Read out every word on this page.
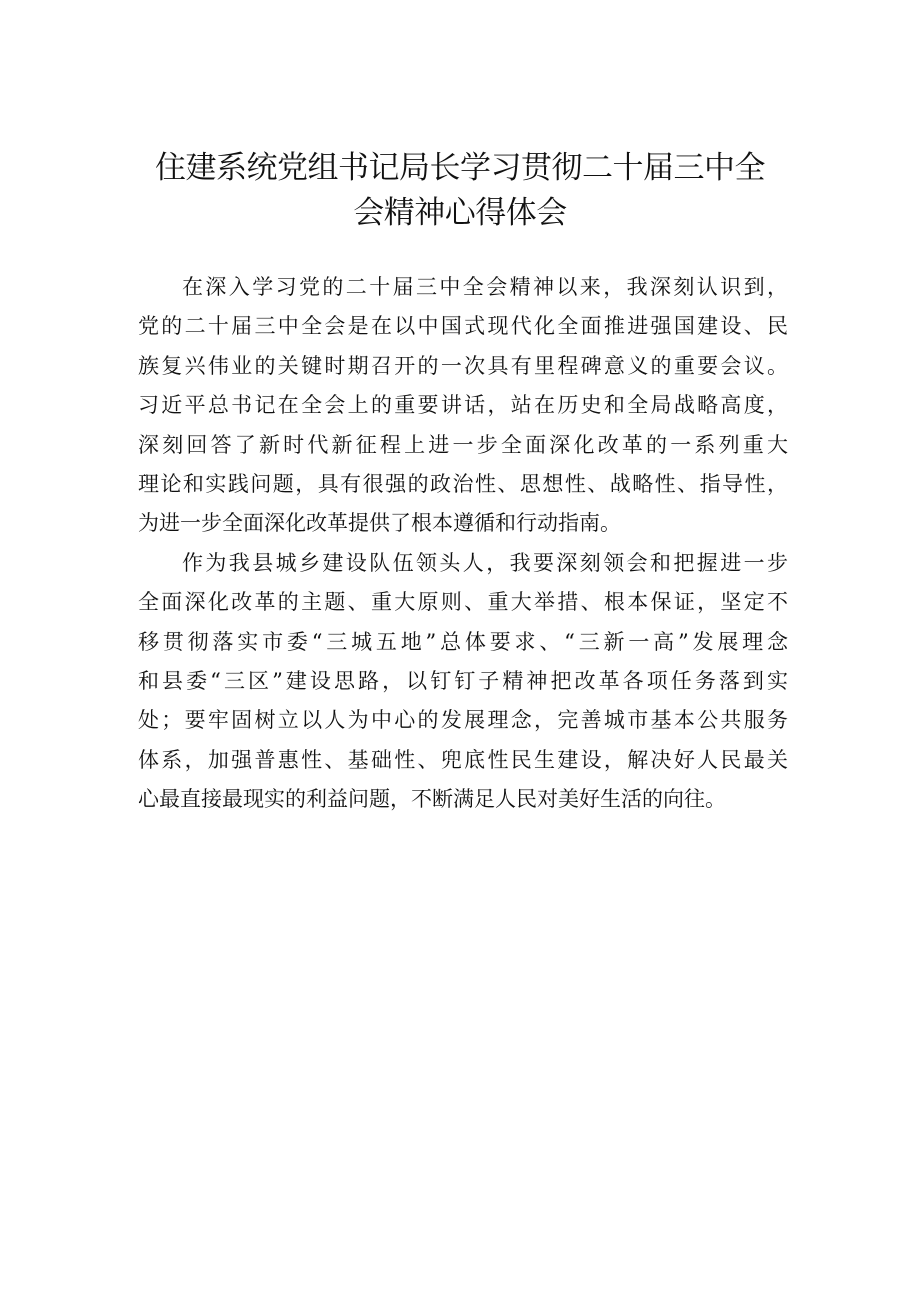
住建系统党组书记局长学习贯彻二十届三中全
会精神心得体会

在深入学习党的二十届三中全会精神以来，我深刻认识到，
党的二十届三中全会是在以中国式现代化全面推进强国建设、民
族复兴伟业的关键时期召开的一次具有里程碑意义的重要会议。
习近平总书记在全会上的重要讲话，站在历史和全局战略高度，
深刻回答了新时代新征程上进一步全面深化改革的一系列重大
理论和实践问题，具有很强的政治性、思想性、战略性、指导性，
为进一步全面深化改革提供了根本遵循和行动指南。

作为我县城乡建设队伍领头人，我要深刻领会和把握进一步
全面深化改革的主题、重大原则、重大举措、根本保证，坚定不
移贯彻落实市委“三城五地”总体要求、“三新一高”发展理念
和县委“三区”建设思路，以钉钉子精神把改革各项任务落到实
处；要牢固树立以人为中心的发展理念，完善城市基本公共服务
体系，加强普惠性、基础性、兜底性民生建设，解决好人民最关
心最直接最现实的利益问题，不断满足人民对美好生活的向往。
